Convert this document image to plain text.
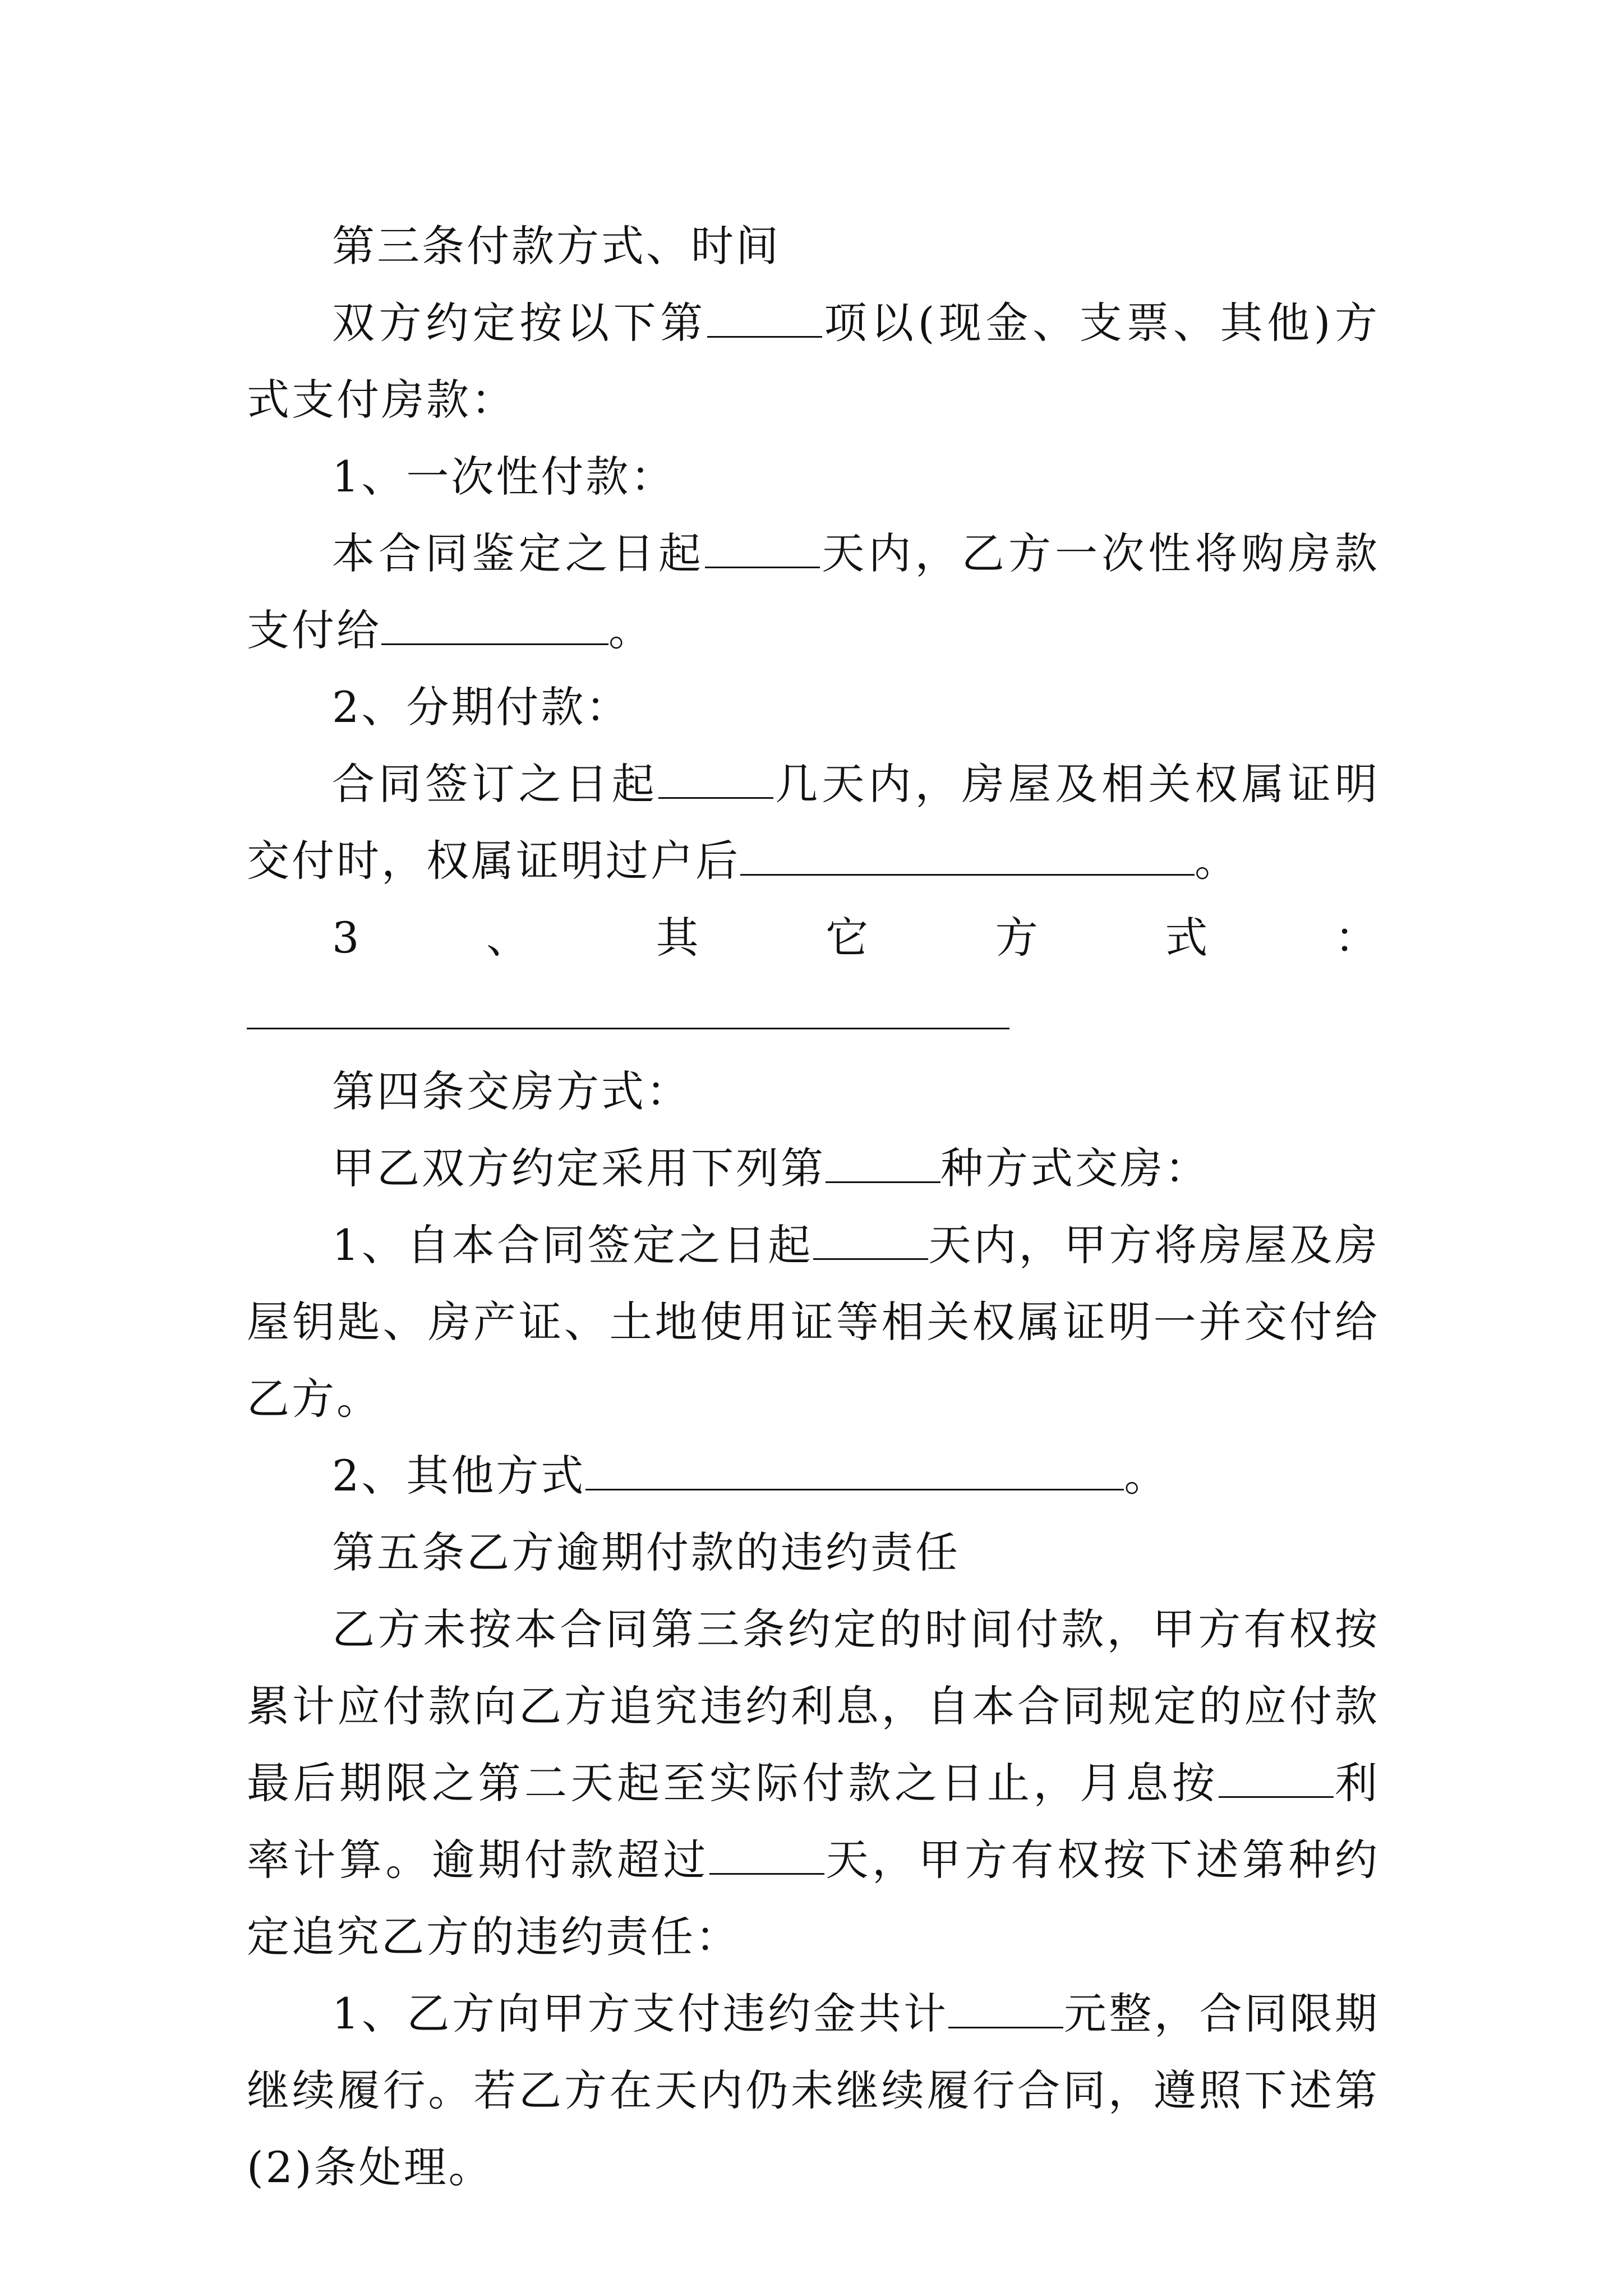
第三条付款方式、时间

双方约定按以下第	项以(现金、支票、其他)方式支付房款：

1、一次性付款：

本合同鉴定之日起	天内，乙方一次性将购房款支付给	。

2、分期付款：

合同签订之日起	几天内，房屋及相关权属证明交付时，权属证明过户后	。

3、其它方式：

第四条交房方式：

甲乙双方约定采用下列第	种方式交房：

1、自本合同签定之日起	天内，甲方将房屋及房屋钥匙、房产证、土地使用证等相关权属证明一并交付给乙方。

2、其他方式	。

第五条乙方逾期付款的违约责任

乙方未按本合同第三条约定的时间付款，甲方有权按累计应付款向乙方追究违约利息，自本合同规定的应付款最后期限之第二天起至实际付款之日止，月息按	利率计算。逾期付款超过	天，甲方有权按下述第种约定追究乙方的违约责任：

1、乙方向甲方支付违约金共计	元整，合同限期继续履行。若乙方在天内仍未继续履行合同，遵照下述第(2)条处理。
